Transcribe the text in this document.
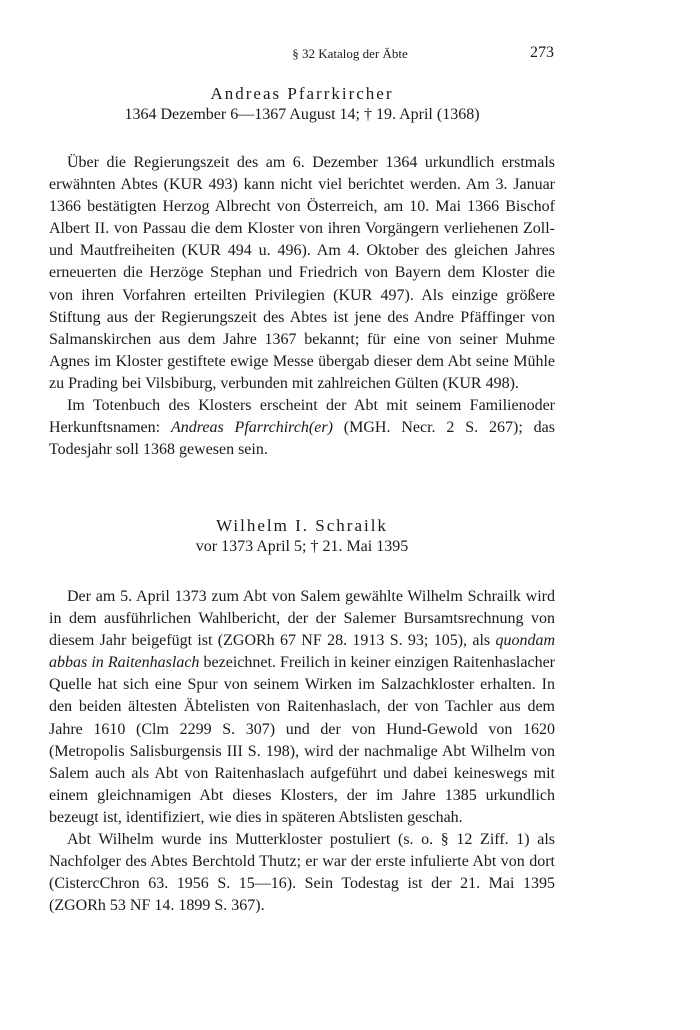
§ 32 Katalog der Äbte	273
Andreas Pfarrkircher
1364 Dezember 6—1367 August 14; † 19. April (1368)

Über die Regierungszeit des am 6. Dezember 1364 urkundlich erstmals erwähnten Abtes (KUR 493) kann nicht viel berichtet werden. Am 3. Januar 1366 bestätigten Herzog Albrecht von Österreich, am 10. Mai 1366 Bischof Albert II. von Passau die dem Kloster von ihren Vorgängern verliehenen Zoll- und Mautfreiheiten (KUR 494 u. 496). Am 4. Oktober des gleichen Jahres erneuerten die Herzöge Stephan und Friedrich von Bayern dem Kloster die von ihren Vorfahren erteilten Privilegien (KUR 497). Als einzige größere Stiftung aus der Regierungszeit des Abtes ist jene des Andre Pfäffinger von Salmanskirchen aus dem Jahre 1367 bekannt; für eine von seiner Muhme Agnes im Kloster gestiftete ewige Messe übergab dieser dem Abt seine Mühle zu Prading bei Vilsbiburg, verbunden mit zahlreichen Gülten (KUR 498).

Im Totenbuch des Klosters erscheint der Abt mit seinem Familienoder Herkunftsnamen: Andreas Pfarrchirch(er) (MGH. Necr. 2 S. 267); das Todesjahr soll 1368 gewesen sein.

Wilhelm I. Schrailk
vor 1373 April 5; † 21. Mai 1395

Der am 5. April 1373 zum Abt von Salem gewählte Wilhelm Schrailk wird in dem ausführlichen Wahlbericht, der der Salemer Bursamtsrechnung von diesem Jahr beigefügt ist (ZGORh 67 NF 28. 1913 S. 93; 105), als quondam abbas in Raitenhaslach bezeichnet. Freilich in keiner einzigen Raitenhaslacher Quelle hat sich eine Spur von seinem Wirken im Salzachkloster erhalten. In den beiden ältesten Äbtelisten von Raitenhaslach, der von Tachler aus dem Jahre 1610 (Clm 2299 S. 307) und der von Hund-Gewold von 1620 (Metropolis Salisburgensis III S. 198), wird der nachmalige Abt Wilhelm von Salem auch als Abt von Raitenhaslach aufgeführt und dabei keineswegs mit einem gleichnamigen Abt dieses Klosters, der im Jahre 1385 urkundlich bezeugt ist, identifiziert, wie dies in späteren Abtslisten geschah.

Abt Wilhelm wurde ins Mutterkloster postuliert (s. o. § 12 Ziff. 1) als Nachfolger des Abtes Berchtold Thutz; er war der erste infulierte Abt von dort (CistercChron 63. 1956 S. 15—16). Sein Todestag ist der 21. Mai 1395 (ZGORh 53 NF 14. 1899 S. 367).
